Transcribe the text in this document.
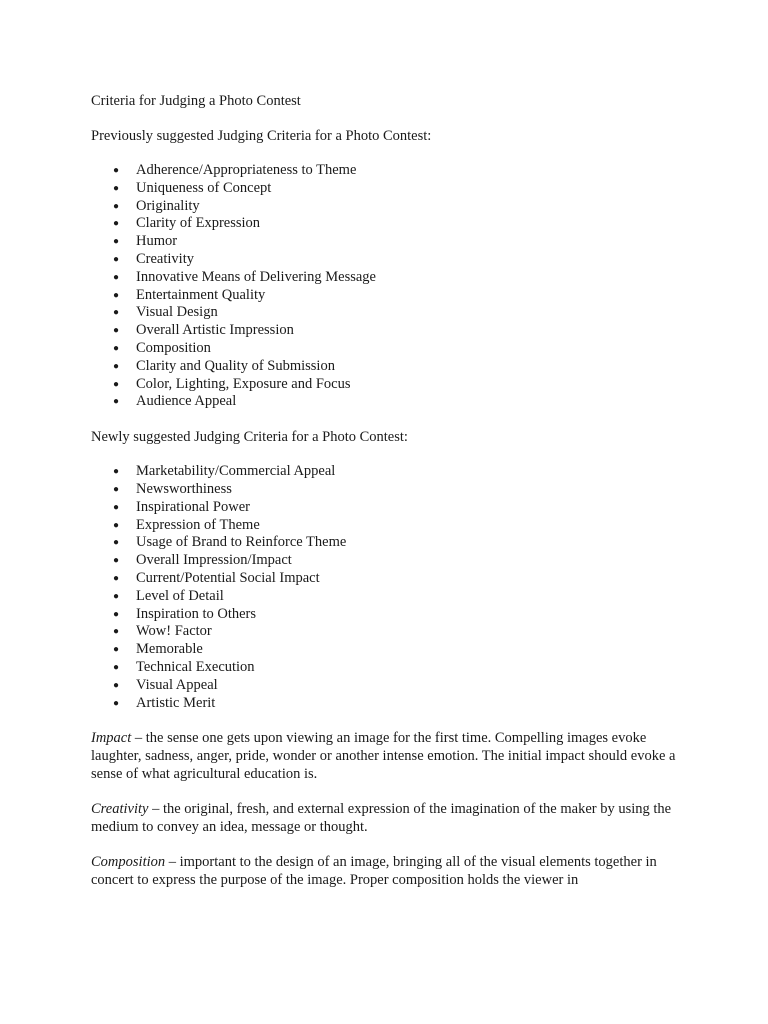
Criteria for Judging a Photo Contest

Previously suggested Judging Criteria for a Photo Contest:

● Adherence/Appropriateness to Theme
● Uniqueness of Concept
● Originality
● Clarity of Expression
● Humor
● Creativity
● Innovative Means of Delivering Message
● Entertainment Quality
● Visual Design
● Overall Artistic Impression
● Composition
● Clarity and Quality of Submission
● Color, Lighting, Exposure and Focus
● Audience Appeal

Newly suggested Judging Criteria for a Photo Contest:

● Marketability/Commercial Appeal
● Newsworthiness
● Inspirational Power
● Expression of Theme
● Usage of Brand to Reinforce Theme
● Overall Impression/Impact
● Current/Potential Social Impact
● Level of Detail
● Inspiration to Others
● Wow! Factor
● Memorable
● Technical Execution
● Visual Appeal
● Artistic Merit

Impact – the sense one gets upon viewing an image for the first time. Compelling images evoke laughter, sadness, anger, pride, wonder or another intense emotion. The initial impact should evoke a sense of what agricultural education is.

Creativity – the original, fresh, and external expression of the imagination of the maker by using the medium to convey an idea, message or thought.

Composition – important to the design of an image, bringing all of the visual elements together in concert to express the purpose of the image. Proper composition holds the viewer in
